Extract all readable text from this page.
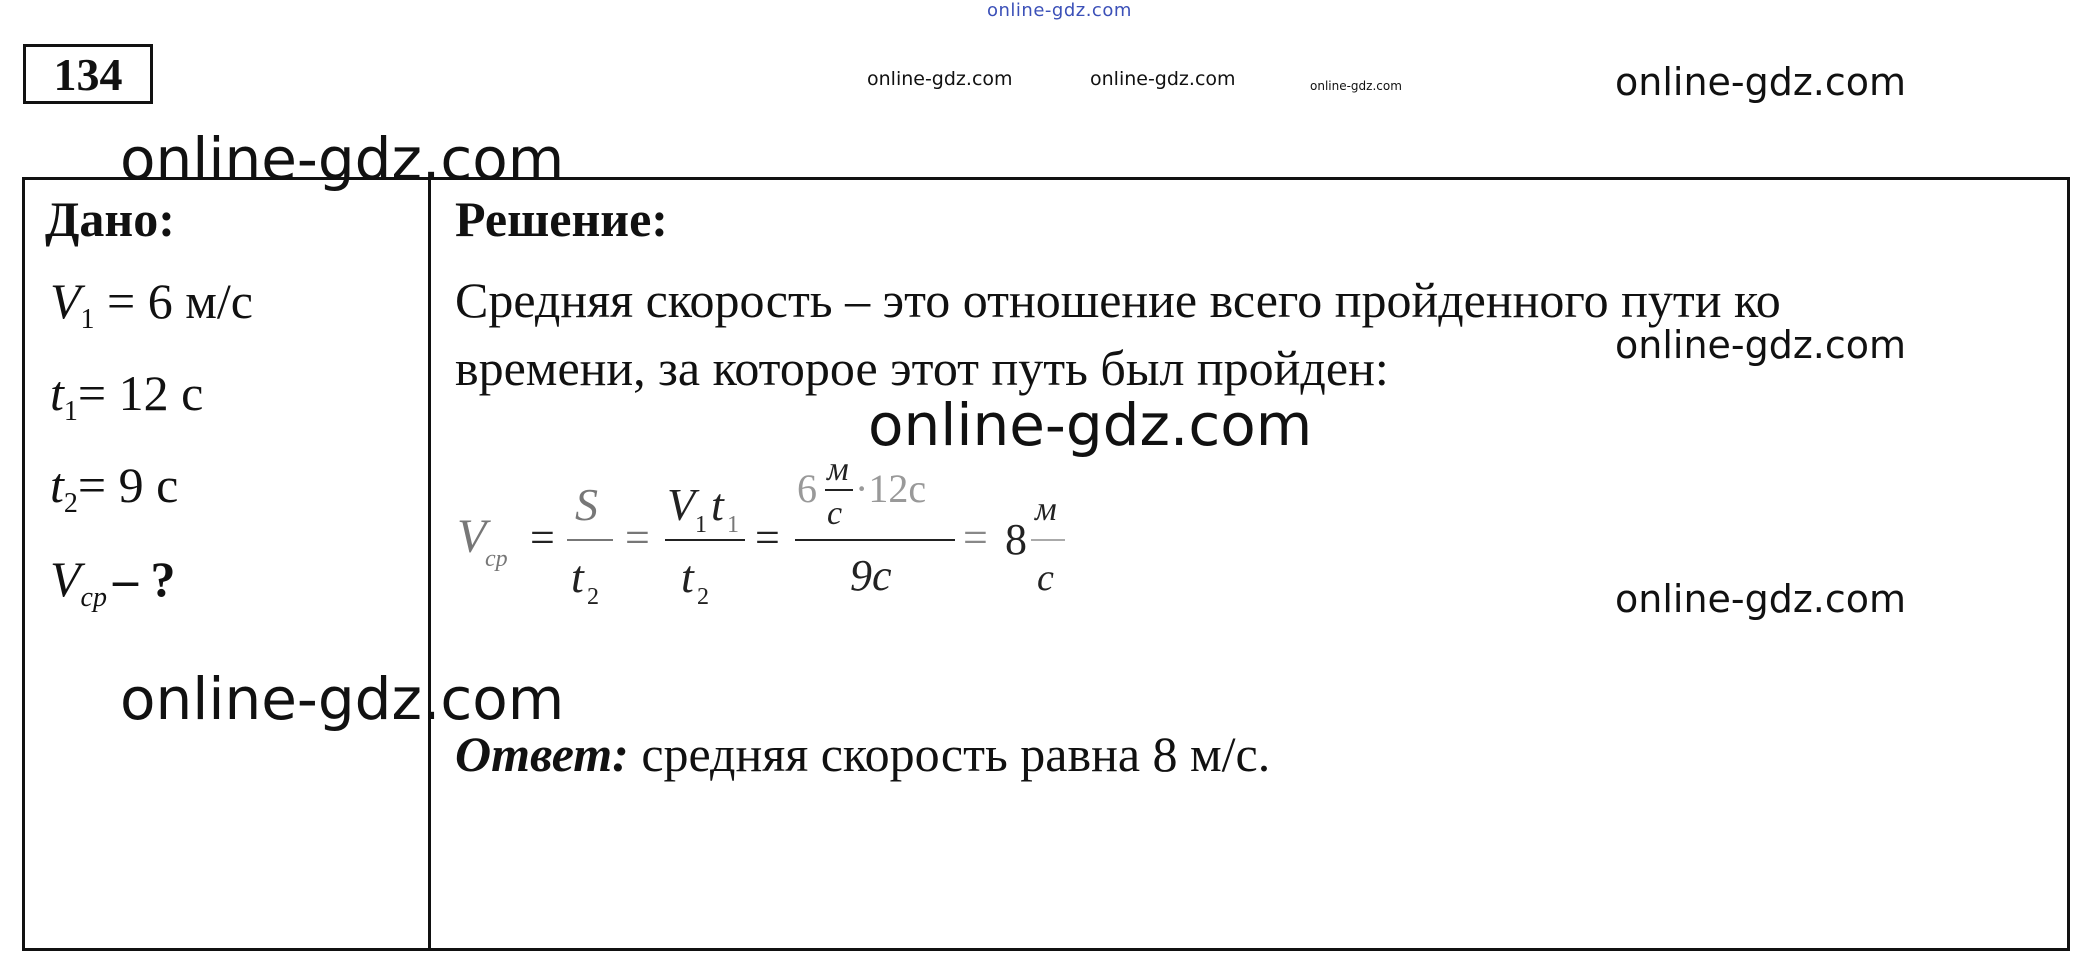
online-gdz.com
online-gdz.com	online-gdz.com	online-gdz.com	online-gdz.com
134
Дано:
$V_1 = 6$ м/с
$t_1= 12$ с
$t_2= 9$ с
$V_{ср}$ – ?
Решение:
Средняя скорость – это отношение всего пройденного пути ко
времени, за которое этот путь был пройден:
V
ср =
S
t 2
=
V 1 t 1
t 2
=
6 м
с
·12с
9с
= 8
м
с
Ответ: средняя скорость равна 8 м/с.
online-gdz.com
online-gdz.com
online-gdz.com
online-gdz.com
online-gdz.com
